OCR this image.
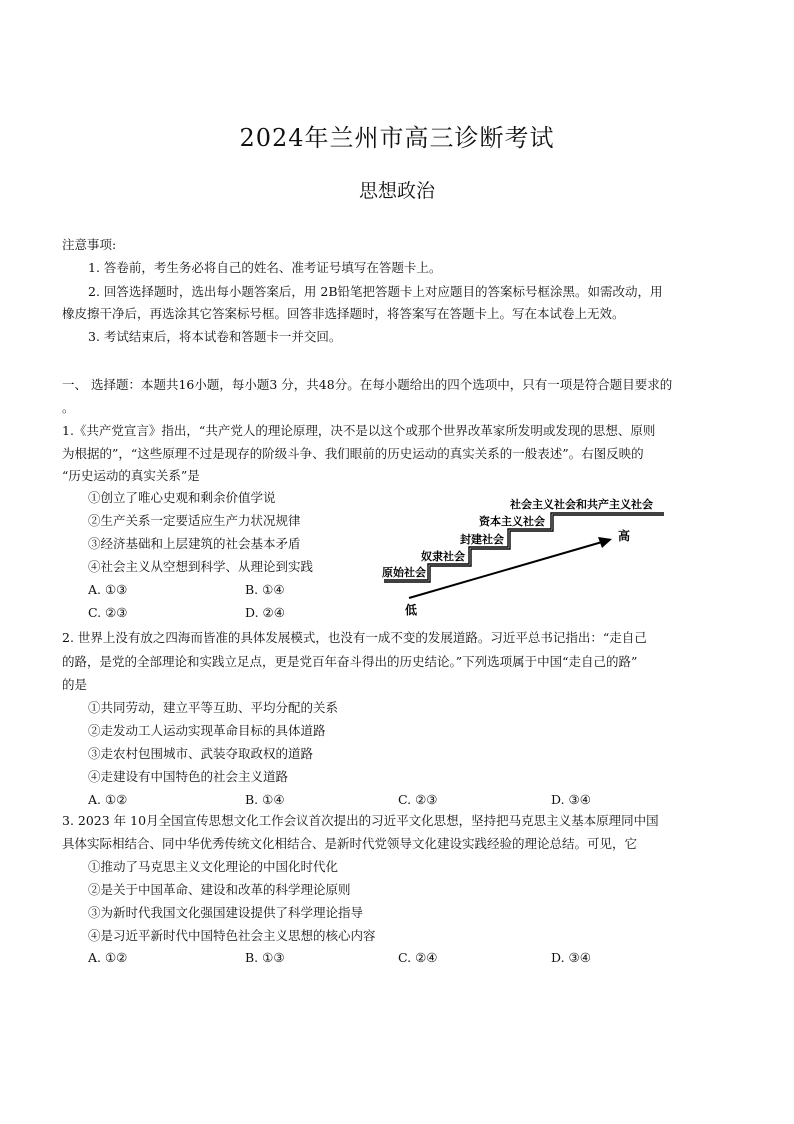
2024年兰州市高三诊断考试
思想政治
注意事项:
1. 答卷前，考生务必将自己的姓名、准考证号填写在答题卡上。
2. 回答选择题时，选出每小题答案后，用 2B铅笔把答题卡上对应题目的答案标号框涂黑。如需改动，用
橡皮擦干净后，再选涂其它答案标号框。回答非选择题时，将答案写在答题卡上。写在本试卷上无效。
3. 考试结束后，将本试卷和答题卡一并交回。
一、 选择题：本题共16小题，每小题3 分，共48分。在每小题给出的四个选项中，只有一项是符合题目要求的
。
1.《共产党宣言》指出，“共产党人的理论原理，决不是以这个或那个世界改革家所发明或发现的思想、原则
为根据的”，“这些原理不过是现存的阶级斗争、我们眼前的历史运动的真实关系的一般表述”。右图反映的
“历史运动的真实关系”是
①创立了唯心史观和剩余价值学说
②生产关系一定要适应生产力状况规律
③经济基础和上层建筑的社会基本矛盾
④社会主义从空想到科学、从理论到实践
A. ①③	B. ①④
C. ②③	D. ②④
原始社会
奴隶社会
封建社会
资本主义社会
社会主义社会和共产主义社会
高
低
2. 世界上没有放之四海而皆准的具体发展模式，也没有一成不变的发展道路。习近平总书记指出：“走自己
的路，是党的全部理论和实践立足点，更是党百年奋斗得出的历史结论。”下列选项属于中国“走自己的路”
的是
①共同劳动，建立平等互助、平均分配的关系
②走发动工人运动实现革命目标的具体道路
③走农村包围城市、武装夺取政权的道路
④走建设有中国特色的社会主义道路
A. ①②	B. ①④	C. ②③	D. ③④
3. 2023 年 10月全国宣传思想文化工作会议首次提出的习近平文化思想，坚持把马克思主义基本原理同中国
具体实际相结合、同中华优秀传统文化相结合、是新时代党领导文化建设实践经验的理论总结。可见，它
①推动了马克思主义文化理论的中国化时代化
②是关于中国革命、建设和改革的科学理论原则
③为新时代我国文化强国建设提供了科学理论指导
④是习近平新时代中国特色社会主义思想的核心内容
A. ①②	B. ①③	C. ②④	D. ③④
